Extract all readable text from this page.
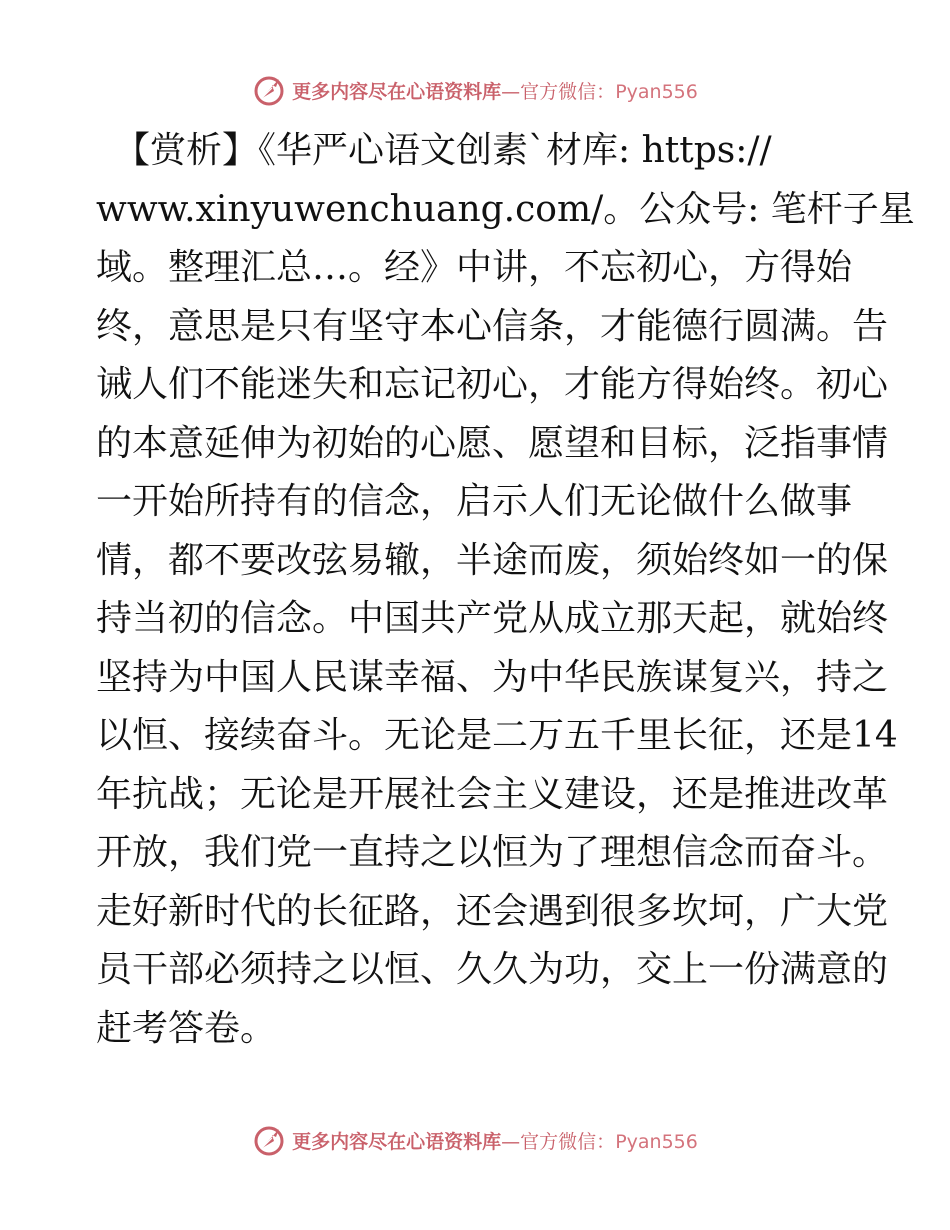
更多内容尽在心语资料库—官方微信：Pyan556
　【赏析】《华严心语文创素`材库: https://
www.xinyuwenchuang.com/。公众号: 笔杆子星
域。整理汇总…。经》中讲，不忘初心，方得始
终，意思是只有坚守本心信条，才能德行圆满。告
诫人们不能迷失和忘记初心，才能方得始终。初心
的本意延伸为初始的心愿、愿望和目标，泛指事情
一开始所持有的信念，启示人们无论做什么做事
情，都不要改弦易辙，半途而废，须始终如一的保
持当初的信念。中国共产党从成立那天起，就始终
坚持为中国人民谋幸福、为中华民族谋复兴，持之
以恒、接续奋斗。无论是二万五千里长征，还是14
年抗战；无论是开展社会主义建设，还是推进改革
开放，我们党一直持之以恒为了理想信念而奋斗。
走好新时代的长征路，还会遇到很多坎坷，广大党
员干部必须持之以恒、久久为功，交上一份满意的
赶考答卷。
更多内容尽在心语资料库—官方微信：Pyan556
